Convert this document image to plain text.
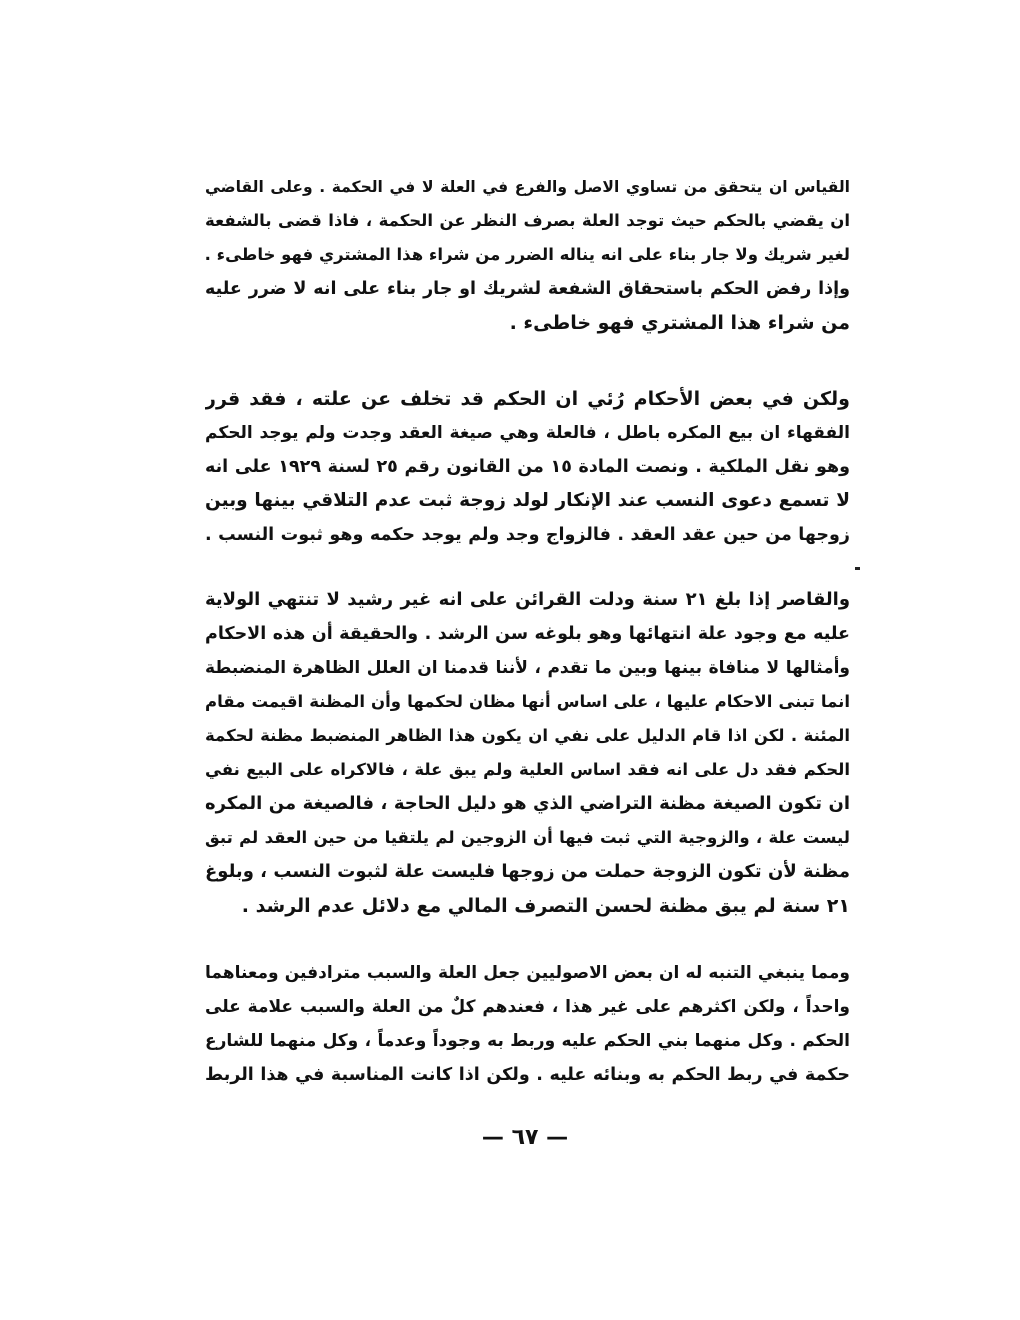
القياس ان يتحقق من تساوي الاصل والفرع في العلة لا في الحكمة . وعلى القاضي
ان يقضي بالحكم حيث توجد العلة بصرف النظر عن الحكمة ، فاذا قضى بالشفعة
لغير شريك ولا جار بناء على انه يناله الضرر من شراء هذا المشتري فهو خاطىء .
وإذا رفض الحكم باستحقاق الشفعة لشريك او جار بناء على انه لا ضرر عليه
من شراء هذا المشتري فهو خاطىء .
ولكن في بعض الأحكام رُئي ان الحكم قد تخلف عن علته ، فقد قرر
الفقهاء ان بيع المكره باطل ، فالعلة وهي صيغة العقد وجدت ولم يوجد الحكم
وهو نقل الملكية . ونصت المادة ١٥ من القانون رقم ٢٥ لسنة ١٩٢٩ على انه
لا تسمع دعوى النسب عند الإنكار لولد زوجة ثبت عدم التلاقي بينها وبين
زوجها من حين عقد العقد . فالزواج وجد ولم يوجد حكمه وهو ثبوت النسب .
والقاصر إذا بلغ ٢١ سنة ودلت القرائن على انه غير رشيد لا تنتهي الولاية
عليه مع وجود علة انتهائها وهو بلوغه سن الرشد . والحقيقة أن هذه الاحكام
وأمثالها لا منافاة بينها وبين ما تقدم ، لأننا قدمنا ان العلل الظاهرة المنضبطة
انما تبنى الاحكام عليها ، على اساس أنها مظان لحكمها وأن المظنة اقيمت مقام
المئنة . لكن اذا قام الدليل على نفي ان يكون هذا الظاهر المنضبط مظنة لحكمة
الحكم فقد دل على انه فقد اساس العلية ولم يبق علة ، فالاكراه على البيع نفي
ان تكون الصيغة مظنة التراضي الذي هو دليل الحاجة ، فالصيغة من المكره
ليست علة ، والزوجية التي ثبت فيها أن الزوجين لم يلتقيا من حين العقد لم تبق
مظنة لأن تكون الزوجة حملت من زوجها فليست علة لثبوت النسب ، وبلوغ
٢١ سنة لم يبق مظنة لحسن التصرف المالي مع دلائل عدم الرشد .
ومما ينبغي التنبه له ان بعض الاصوليين جعل العلة والسبب مترادفين ومعناهما
واحداً ، ولكن اكثرهم على غير هذا ، فعندهم كلٌ من العلة والسبب علامة على
الحكم . وكل منهما بني الحكم عليه وربط به وجوداً وعدماً ، وكل منهما للشارع
حكمة في ربط الحكم به وبنائه عليه . ولكن اذا كانت المناسبة في هذا الربط
— ٦٧ —
